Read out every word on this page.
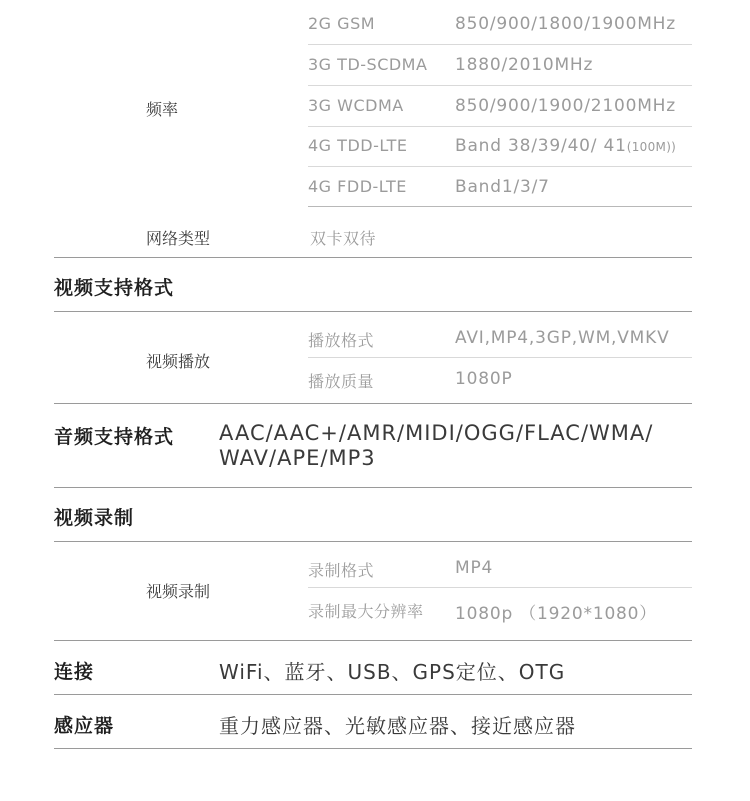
频率
2G GSM	850/900/1800/1900MHz
3G TD-SCDMA 1880/2010MHz
3G WCDMA	850/900/1900/2100MHz
4G TDD-LTE	Band 38/39/40/ 41(100M))
4G FDD-LTE	Band1/3/7
网络类型	双卡双待
视频支持格式
视频播放
播放格式	AVI,MP4,3GP,WM,VMKV
播放质量	1080P
音频支持格式 AAC/AAC+/AMR/MIDI/OGG/FLAC/WMA/
WAV/APE/MP3
视频录制
视频录制
录制格式	MP4
录制最大分辨率 1080p （1920*1080）
连接	WiFi、蓝牙、USB、GPS定位、OTG
感应器	重力感应器、光敏感应器、接近感应器
